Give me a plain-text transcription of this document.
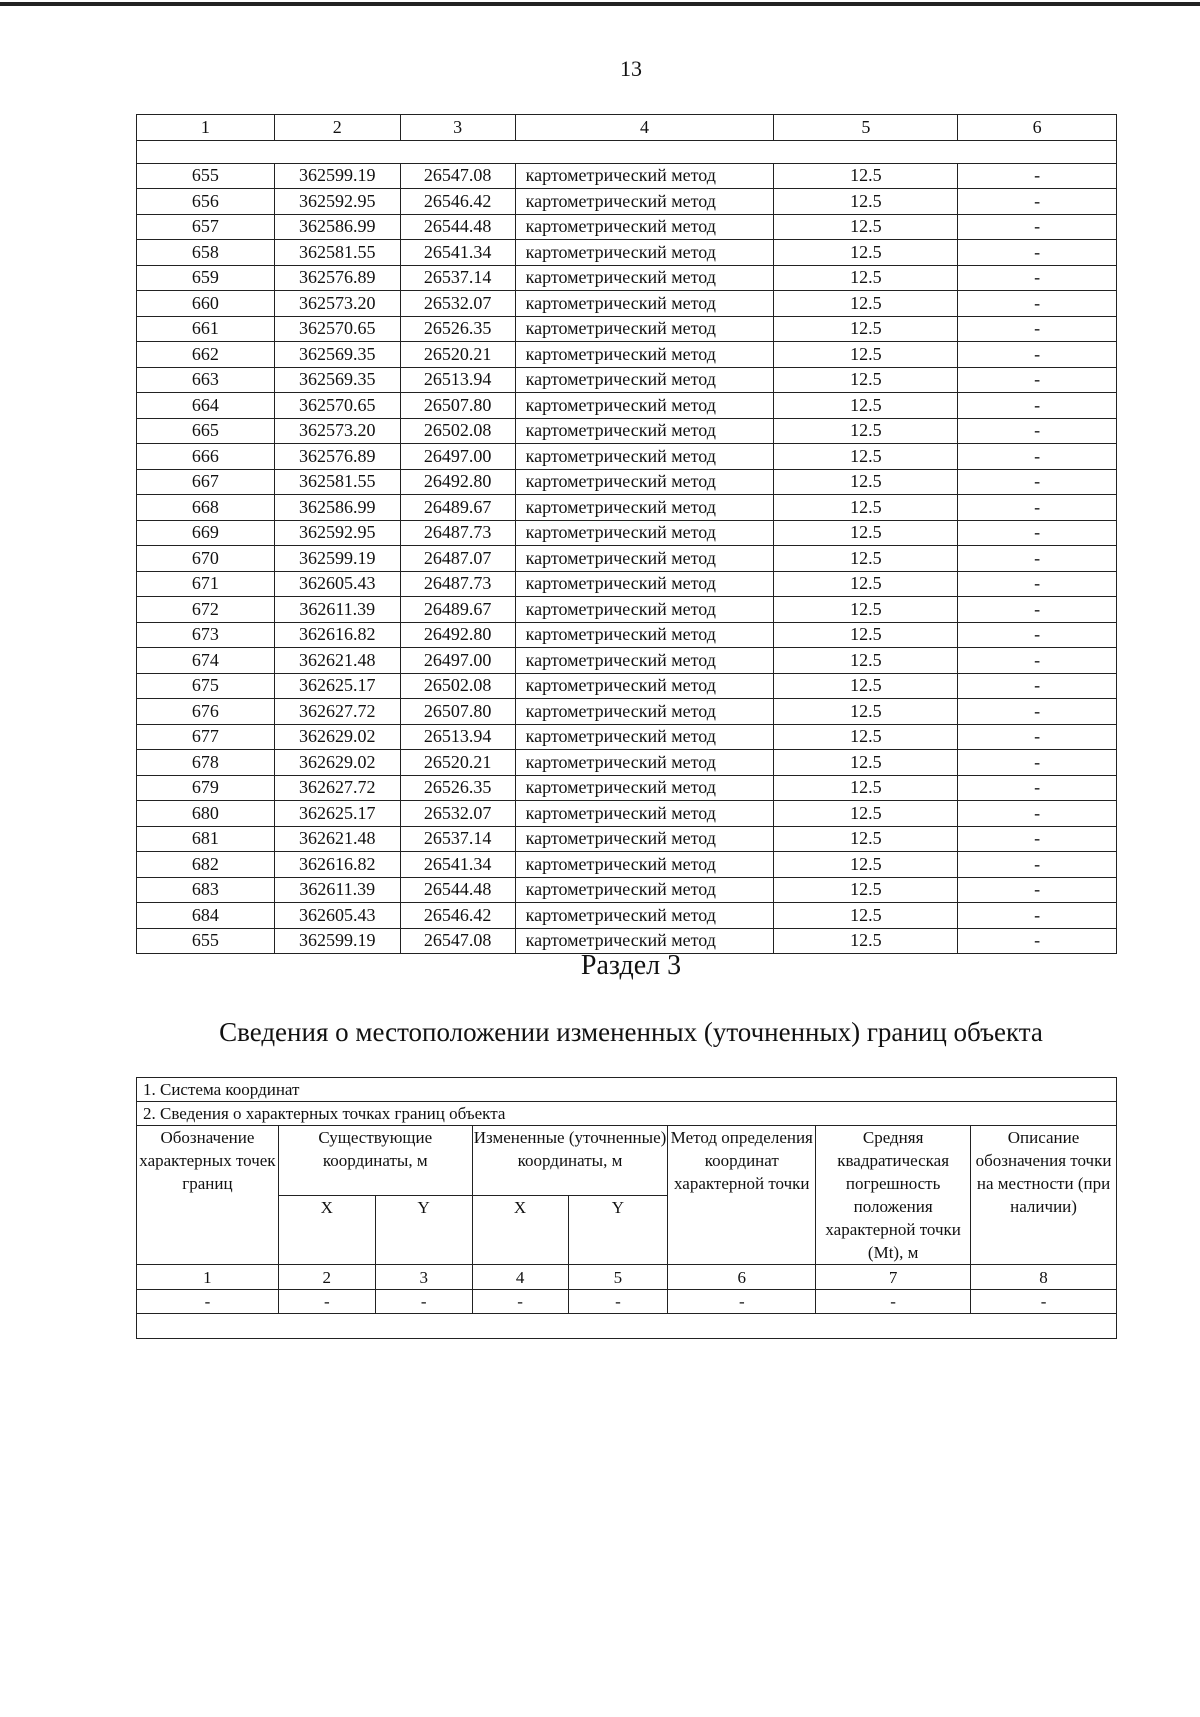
13
1	2	3	4	5	6

655	362599.19	26547.08	картометрический метод	12.5	-
656	362592.95	26546.42	картометрический метод	12.5	-
657	362586.99	26544.48	картометрический метод	12.5	-
658	362581.55	26541.34	картометрический метод	12.5	-
659	362576.89	26537.14	картометрический метод	12.5	-
660	362573.20	26532.07	картометрический метод	12.5	-
661	362570.65	26526.35	картометрический метод	12.5	-
662	362569.35	26520.21	картометрический метод	12.5	-
663	362569.35	26513.94	картометрический метод	12.5	-
664	362570.65	26507.80	картометрический метод	12.5	-
665	362573.20	26502.08	картометрический метод	12.5	-
666	362576.89	26497.00	картометрический метод	12.5	-
667	362581.55	26492.80	картометрический метод	12.5	-
668	362586.99	26489.67	картометрический метод	12.5	-
669	362592.95	26487.73	картометрический метод	12.5	-
670	362599.19	26487.07	картометрический метод	12.5	-
671	362605.43	26487.73	картометрический метод	12.5	-
672	362611.39	26489.67	картометрический метод	12.5	-
673	362616.82	26492.80	картометрический метод	12.5	-
674	362621.48	26497.00	картометрический метод	12.5	-
675	362625.17	26502.08	картометрический метод	12.5	-
676	362627.72	26507.80	картометрический метод	12.5	-
677	362629.02	26513.94	картометрический метод	12.5	-
678	362629.02	26520.21	картометрический метод	12.5	-
679	362627.72	26526.35	картометрический метод	12.5	-
680	362625.17	26532.07	картометрический метод	12.5	-
681	362621.48	26537.14	картометрический метод	12.5	-
682	362616.82	26541.34	картометрический метод	12.5	-
683	362611.39	26544.48	картометрический метод	12.5	-
684	362605.43	26546.42	картометрический метод	12.5	-
655	362599.19	26547.08	картометрический метод	12.5	-
Раздел 3
Сведения о местоположении измененных (уточненных) границ объекта
1. Система координат							
2. Сведения о характерных точках границ объекта							
Обозначение характерных точек границ	Существующие координаты, м		Измененные (уточненные) координаты, м		Метод определения координат характерной точки	Средняя квадратическая погрешность положения характерной точки (Mt), м	Описание обозначения точки на местности (при наличии)
	X	Y	X	Y			
1	2	3	4	5	6	7	8
-	-	-	-	-	-	-	-
